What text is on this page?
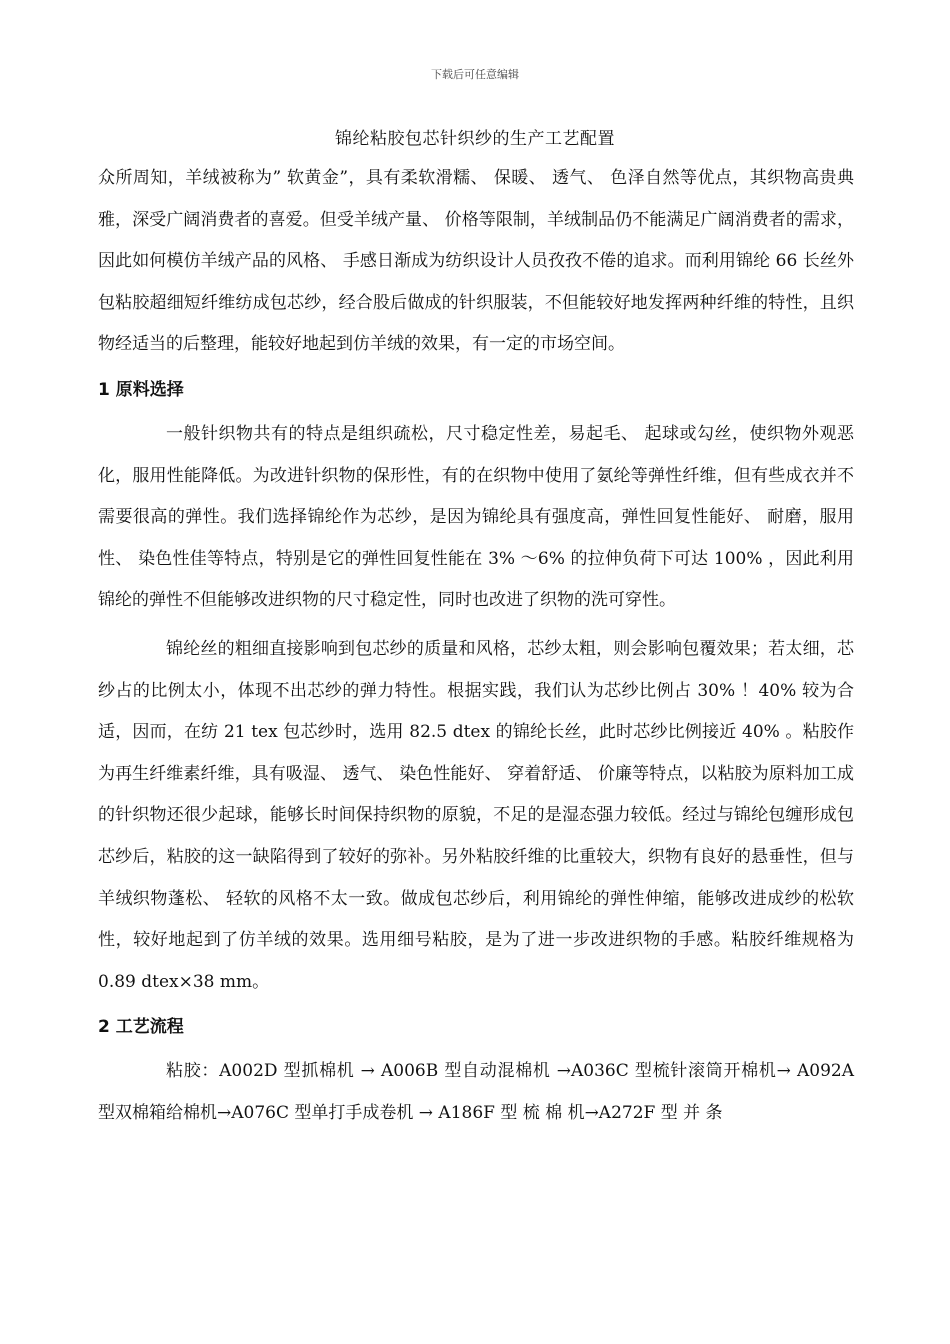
下载后可任意编辑
锦纶粘胶包芯针织纱的生产工艺配置

众所周知，羊绒被称为” 软黄金”，具有柔软滑糯、 保暖、 透气、 色泽自然等优点，其织物高贵典雅，深受广阔消费者的喜爱。但受羊绒产量、 价格等限制，羊绒制品仍不能满足广阔消费者的需求，因此如何模仿羊绒产品的风格、 手感日渐成为纺织设计人员孜孜不倦的追求。而利用锦纶 66 长丝外包粘胶超细短纤维纺成包芯纱，经合股后做成的针织服装，不但能较好地发挥两种纤维的特性，且织物经适当的后整理，能较好地起到仿羊绒的效果，有一定的市场空间。

1 原料选择

一般针织物共有的特点是组织疏松，尺寸稳定性差，易起毛、 起球或勾丝，使织物外观恶化，服用性能降低。为改进针织物的保形性，有的在织物中使用了氨纶等弹性纤维，但有些成衣并不需要很高的弹性。我们选择锦纶作为芯纱，是因为锦纶具有强度高，弹性回复性能好、 耐磨，服用性、 染色性佳等特点，特别是它的弹性回复性能在 3% ～6% 的拉伸负荷下可达 100% ，因此利用锦纶的弹性不但能够改进织物的尺寸稳定性，同时也改进了织物的洗可穿性。

锦纶丝的粗细直接影响到包芯纱的质量和风格，芯纱太粗，则会影响包覆效果；若太细，芯纱占的比例太小，体现不出芯纱的弹力特性。根据实践，我们认为芯纱比例占 30% ！40% 较为合适，因而，在纺 21 tex 包芯纱时，选用 82.5 dtex 的锦纶长丝，此时芯纱比例接近 40% 。粘胶作为再生纤维素纤维，具有吸湿、 透气、 染色性能好、 穿着舒适、 价廉等特点，以粘胶为原料加工成的针织物还很少起球，能够长时间保持织物的原貌，不足的是湿态强力较低。经过与锦纶包缠形成包芯纱后，粘胶的这一缺陷得到了较好的弥补。另外粘胶纤维的比重较大，织物有良好的悬垂性，但与羊绒织物蓬松、 轻软的风格不太一致。做成包芯纱后，利用锦纶的弹性伸缩，能够改进成纱的松软性，较好地起到了仿羊绒的效果。选用细号粘胶，是为了进一步改进织物的手感。粘胶纤维规格为0.89 dtex×38 mm。

2 工艺流程

粘胶：A002D 型抓棉机 → A006B 型自动混棉机 →A036C 型梳针滚筒开棉机→ A092A 型双棉箱给棉机→A076C 型单打手成卷机 → A186F 型 梳 棉 机→A272F 型 并 条
